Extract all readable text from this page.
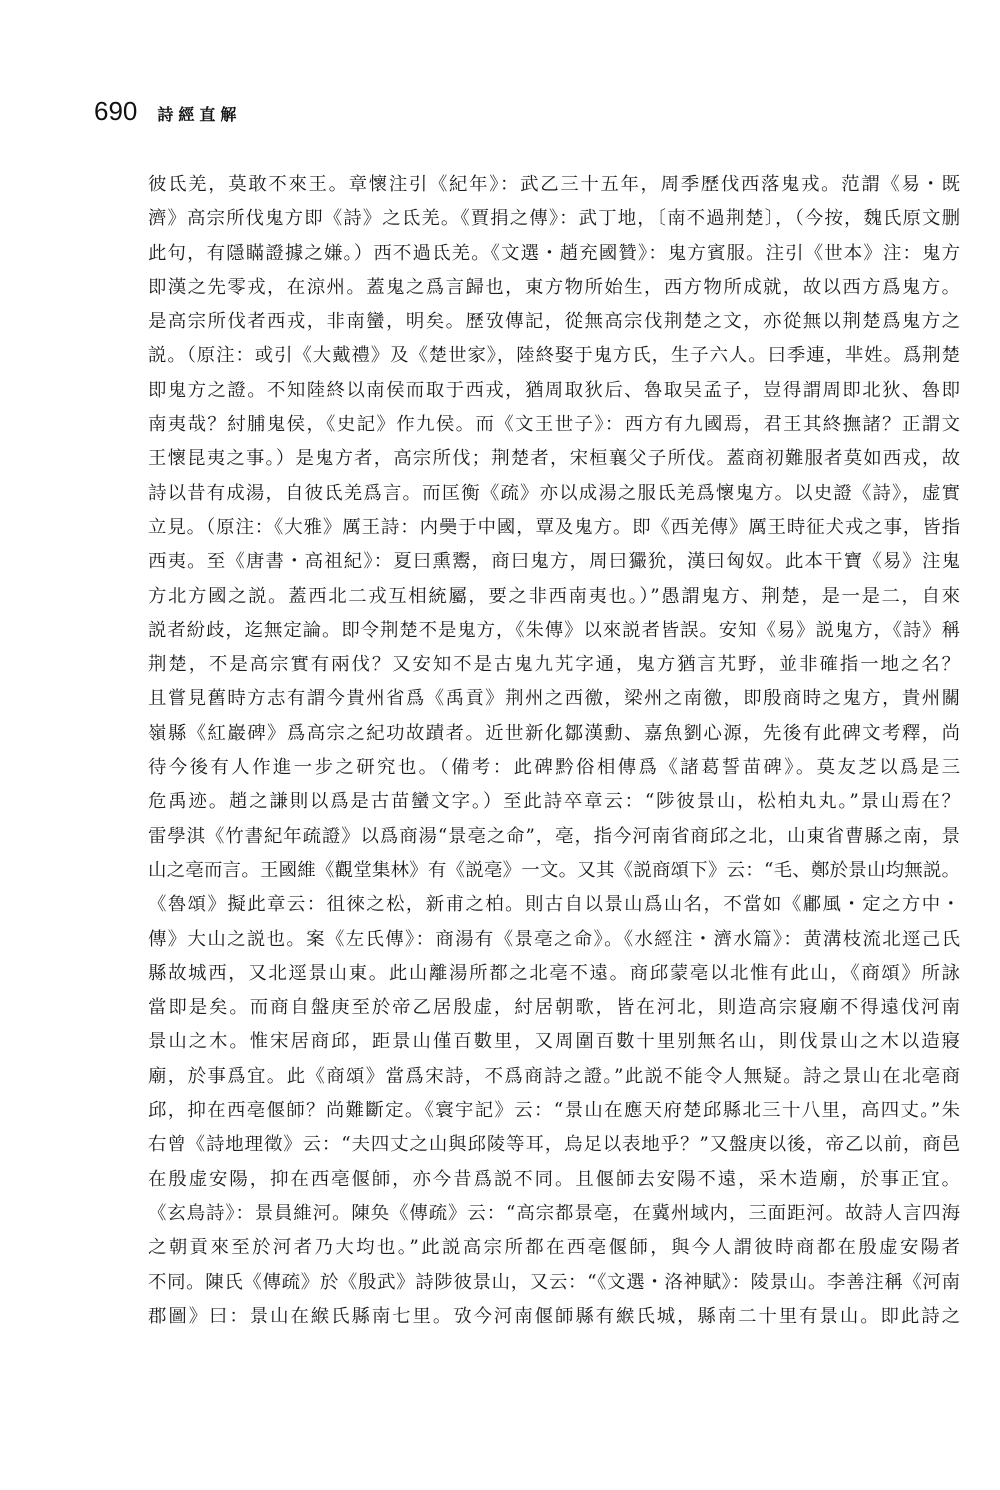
690 詩經直解
彼氐羌，莫敢不來王。章懷注引《紀年》：武乙三十五年，周季歷伐西落鬼戎。范謂《易・既
濟》高宗所伐鬼方即《詩》之氐羌。《賈捐之傳》：武丁地，〔南不過荆楚〕，（今按，魏氏原文删
此句，有隱瞞證據之嫌。）西不過氐羌。《文選・趙充國贊》：鬼方賓服。注引《世本》注：鬼方
即漢之先零戎，在涼州。蓋鬼之爲言歸也，東方物所始生，西方物所成就，故以西方爲鬼方。
是高宗所伐者西戎，非南蠻，明矣。歷攷傳記，從無高宗伐荆楚之文，亦從無以荆楚爲鬼方之
説。（原注：或引《大戴禮》及《楚世家》，陸終娶于鬼方氏，生子六人。曰季連，芈姓。爲荆楚
即鬼方之證。不知陸終以南侯而取于西戎，猶周取狄后、魯取吴孟子，豈得謂周即北狄、魯即
南夷哉？紂脯鬼侯，《史記》作九侯。而《文王世子》：西方有九國焉，君王其終撫諸？正謂文
王懷昆夷之事。）是鬼方者，高宗所伐；荆楚者，宋桓襄父子所伐。蓋商初難服者莫如西戎，故
詩以昔有成湯，自彼氐羌爲言。而匡衡《疏》亦以成湯之服氐羌爲懷鬼方。以史證《詩》，虚實
立見。（原注：《大雅》厲王詩：内奰于中國，覃及鬼方。即《西羌傳》厲王時征犬戎之事，皆指
西夷。至《唐書・高祖紀》：夏曰熏鬻，商曰鬼方，周曰玁狁，漢曰匈奴。此本干寶《易》注鬼
方北方國之説。蓋西北二戎互相統屬，要之非西南夷也。）”愚謂鬼方、荆楚，是一是二，自來
説者紛歧，迄無定論。即令荆楚不是鬼方，《朱傳》以來説者皆誤。安知《易》説鬼方，《詩》稱
荆楚，不是高宗實有兩伐？又安知不是古鬼九艽字通，鬼方猶言艽野，並非確指一地之名？
且嘗見舊時方志有謂今貴州省爲《禹貢》荆州之西徼，梁州之南徼，即殷商時之鬼方，貴州關
嶺縣《紅巖碑》爲高宗之紀功故蹟者。近世新化鄒漢勳、嘉魚劉心源，先後有此碑文考釋，尚
待今後有人作進一步之研究也。（備考：此碑黔俗相傳爲《諸葛誓苗碑》。莫友芝以爲是三
危禹迹。趙之謙則以爲是古苗蠻文字。）至此詩卒章云：“陟彼景山，松柏丸丸。”景山焉在？
雷學淇《竹書紀年疏證》以爲商湯“景亳之命”，亳，指今河南省商邱之北，山東省曹縣之南，景
山之亳而言。王國維《觀堂集林》有《説亳》一文。又其《説商頌下》云：“毛、鄭於景山均無説。
《魯頌》擬此章云：徂徠之松，新甫之柏。則古自以景山爲山名，不當如《鄘風・定之方中・
傳》大山之説也。案《左氏傳》：商湯有《景亳之命》。《水經注・濟水篇》：黄溝枝流北逕己氏
縣故城西，又北逕景山東。此山離湯所都之北亳不遠。商邱蒙亳以北惟有此山，《商頌》所詠
當即是矣。而商自盤庚至於帝乙居殷虚，紂居朝歌，皆在河北，則造高宗寢廟不得遠伐河南
景山之木。惟宋居商邱，距景山僅百數里，又周圍百數十里别無名山，則伐景山之木以造寢
廟，於事爲宜。此《商頌》當爲宋詩，不爲商詩之證。”此説不能令人無疑。詩之景山在北亳商
邱，抑在西亳偃師？尚難斷定。《寰宇記》云：“景山在應天府楚邱縣北三十八里，高四丈。”朱
右曾《詩地理徵》云：“夫四丈之山與邱陵等耳，烏足以表地乎？”又盤庚以後，帝乙以前，商邑
在殷虚安陽，抑在西亳偃師，亦今昔爲説不同。且偃師去安陽不遠，采木造廟，於事正宜。
《玄鳥詩》：景員維河。陳奂《傳疏》云：“高宗都景亳，在冀州域内，三面距河。故詩人言四海
之朝貢來至於河者乃大均也。”此説高宗所都在西亳偃師，與今人謂彼時商都在殷虚安陽者
不同。陳氏《傳疏》於《殷武》詩陟彼景山，又云：“《文選・洛神賦》：陵景山。李善注稱《河南
郡圖》曰：景山在緱氏縣南七里。攷今河南偃師縣有緱氏城，縣南二十里有景山。即此詩之
